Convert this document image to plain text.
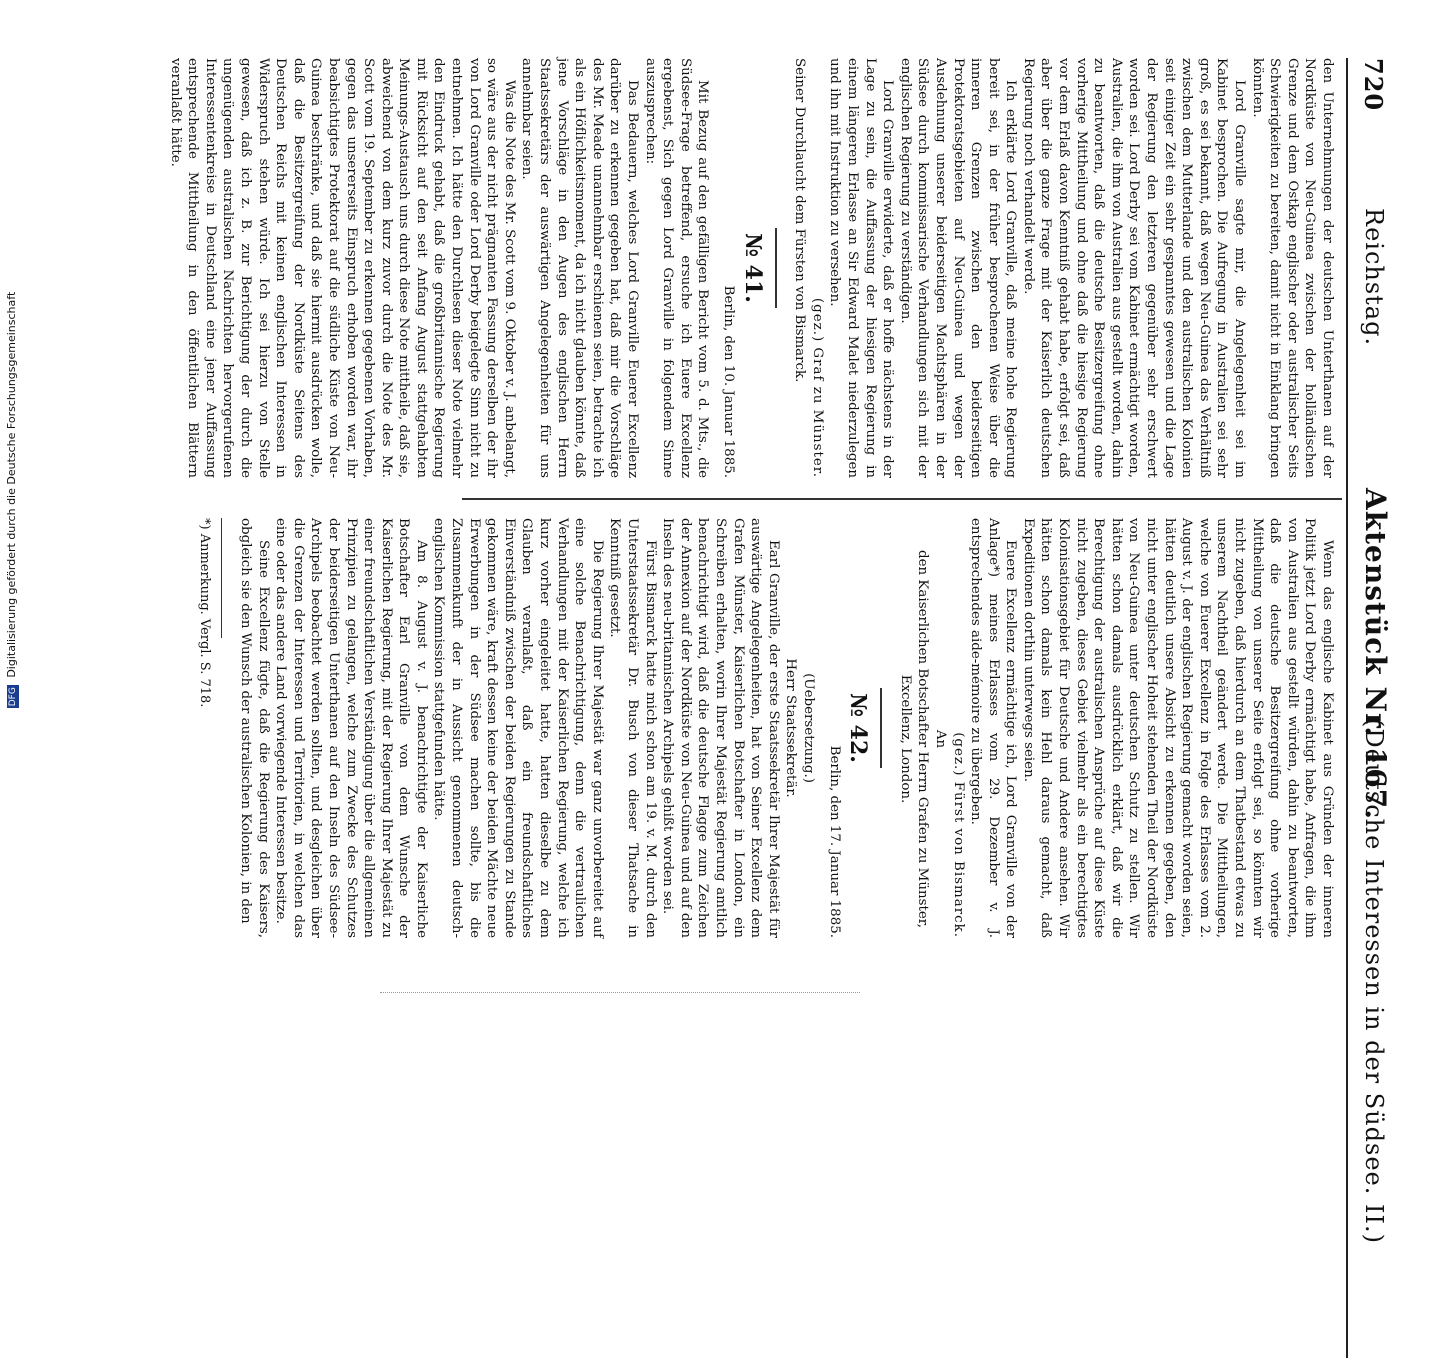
DFG Digitalisierung gefördert durch die Deutsche Forschungsgemeinschaft
720
Reichstag.
Aktenstück Nr. 167.
(Deutsche Interessen in der Südsee. II.)

den Unternehmungen der deutschen Unterthanen auf der Nordküste von Neu-Guinea zwischen der holländischen Grenze und dem Ostkap englischer oder australischer Seits Schwierigkeiten zu bereiten, damit nicht in Einklang bringen könnten.

Lord Granville sagte mir, die Angelegenheit sei im Kabinet besprochen. Die Aufregung in Australien sei sehr groß, es sei bekannt, daß wegen Neu-Guinea das Verhältniß zwischen dem Mutterlande und den australischen Kolonien seit einiger Zeit ein sehr gespanntes gewesen und die Lage der Regierung den letzteren gegenüber sehr erschwert worden sei. Lord Derby sei vom Kabinet ermächtigt worden, Australien, die ihm von Australien aus gestellt worden, dahin zu beantworten, daß die deutsche Besitzergreifung ohne vorherige Mittheilung und ohne daß die hiesige Regierung vor dem Erlaß davon Kenntniß gehabt habe, erfolgt sei, daß aber über die ganze Frage mit der Kaiserlich deutschen Regierung noch verhandelt werde.

Ich erklärte Lord Granville, daß meine hohe Regierung bereit sei, in der früher besprochenen Weise über die inneren Grenzen zwischen den beiderseitigen Protektoratsgebieten auf Neu-Guinea und wegen der Ausdehnung unserer beiderseitigen Machtsphären in der Südsee durch kommissarische Verhandlungen sich mit der englischen Regierung zu verständigen.

Lord Granville erwiderte, daß er hoffe nächstens in der Lage zu sein, die Auffassung der hiesigen Regierung in einem längeren Erlasse an Sir Edward Malet niederzulegen und ihn mit Instruktion zu versehen.

(gez.) Graf zu Münster.

Seiner Durchlaucht dem Fürsten von Bismarck.

№ 41.
Berlin, den 10. Januar 1885.

Mit Bezug auf den gefälligen Bericht vom 5. d. Mts., die Südsee-Frage betreffend, ersuche ich Euere Excellenz ergebenst, Sich gegen Lord Granville in folgendem Sinne auszusprechen:

Das Bedauern, welches Lord Granville Euerer Excellenz darüber zu erkennen gegeben hat, daß mir die Vorschläge des Mr. Meade unannehmbar erschienen seien, betrachte ich als ein Höflichkeitsmoment, da ich nicht glauben könnte, daß jene Vorschläge in den Augen des englischen Herrn Staatssekretärs der auswärtigen Angelegenheiten für uns annehmbar seien.

Was die Note des Mr. Scott vom 9. Oktober v. J. anbelangt, so wäre aus der nicht prägnanten Fassung derselben der ihr von Lord Granville oder Lord Derby beigelegte Sinn nicht zu entnehmen. Ich hätte den Durchlesen dieser Note vielmehr den Eindruck gehabt, daß die großbritannische Regierung mit Rücksicht auf den seit Anfang August stattgehabten Meinungs-Austausch uns durch diese Note mittheile, daß sie, abweichend von dem kurz zuvor durch die Note des Mr. Scott vom 19. September zu erkennen gegebenen Vorhaben, gegen das unsererseits Einspruch erhoben worden war, ihr beabsichtigtes Protektorat auf die südliche Küste von Neu-Guinea beschränke, und daß sie hiermit ausdrücken wolle, daß die Besitzergreifung der Nordküste Seitens des Deutschen Reichs mit keinen englischen Interessen in Widerspruch stehen würde. Ich sei hierzu von Stelle gewesen, daß ich z. B. zur Berichtigung der durch die ungenügenden australischen Nachrichten hervorgerufenen Interessentenkreise in Deutschland eine jener Auffassung entsprechende Mittheilung in den öffentlichen Blättern veranlaßt hätte.

Wenn das englische Kabinet aus Gründen der inneren Politik jetzt Lord Derby ermächtigt habe, Anfragen, die ihm von Australien aus gestellt würden, dahin zu beantworten, daß die deutsche Besitzergreifung ohne vorherige Mittheilung von unserer Seite erfolgt sei, so könnten wir nicht zugeben, daß hierdurch an dem Thatbestand etwas zu unserem Nachtheil geändert werde. Die Mittheilungen, welche von Euerer Excellenz in Folge des Erlasses vom 2. August v. J. der englischen Regierung gemacht worden seien, hätten deutlich unsere Absicht zu erkennen gegeben, den nicht unter englischer Hoheit stehenden Theil der Nordküste von Neu-Guinea unter deutschen Schutz zu stellen. Wir hätten schon damals ausdrücklich erklärt, daß wir die Berechtigung der australischen Ansprüche auf diese Küste nicht zugeben, dieses Gebiet vielmehr als ein berechtigtes Kolonisationsgebiet für Deutsche und Andere ansehen. Wir hätten schon damals kein Hehl daraus gemacht, daß Expeditionen dorthin unterwegs seien.

Euere Excellenz ermächtige ich, Lord Granville von der Anlage*) meines Erlasses vom 29. Dezember v. J. entsprechendes aide-mémoire zu übergeben.

(gez.) Fürst von Bismarck.

An

den Kaiserlichen Botschafter Herrn Grafen zu Münster,

Excellenz, London.

№ 42.
Berlin, den 17. Januar 1885.

(Uebersetzung.)

Herr Staatssekretär.

Earl Granville, der erste Staatssekretär Ihrer Majestät für auswärtige Angelegenheiten, hat von Seiner Excellenz dem Grafen Münster, Kaiserlichen Botschafter in London, ein Schreiben erhalten, worin Ihrer Majestät Regierung amtlich benachrichtigt wird, daß die deutsche Flagge zum Zeichen der Annexion auf der Nordküste von Neu-Guinea und auf den Inseln des neu-britannischen Archipels gehißt worden sei.

Fürst Bismarck hatte mich schon am 19. v. M. durch den Unterstaatssekretär Dr. Busch von dieser Thatsache in Kenntniß gesetzt.

Die Regierung Ihrer Majestät war ganz unvorbereitet auf eine solche Benachrichtigung, denn die vertraulichen Verhandlungen mit der Kaiserlichen Regierung, welche ich kurz vorher eingeleitet hatte, hatten dieselbe zu dem Glauben veranlaßt, daß ein freundschaftliches Einverständniß zwischen der beiden Regierungen zu Stande gekommen wäre, kraft dessen keine der beiden Mächte neue Erwerbungen in der Südsee machen sollte, bis die Zusammenkunft der in Aussicht genommenen deutsch-englischen Kommission stattgefunden hätte.

Am 8. August v. J. benachrichtigte der Kaiserliche Botschafter Earl Granville von dem Wunsche der Kaiserlichen Regierung, mit der Regierung Ihrer Majestät zu einer freundschaftlichen Verständigung über die allgemeinen Prinzipien zu gelangen, welche zum Zwecke des Schutzes der beiderseitigen Unterthanen auf den Inseln des Südsee-Archipels beobachtet werden sollten, und desgleichen über die Grenzen der Interessen und Territorien, in welchen das eine oder das andere Land vorwiegende Interessen besitze.

Seine Excellenz fügte, daß die Regierung des Kaisers, obgleich sie den Wunsch der australischen Kolonien, in den

*) Anmerkung. Vergl. S. 718.
